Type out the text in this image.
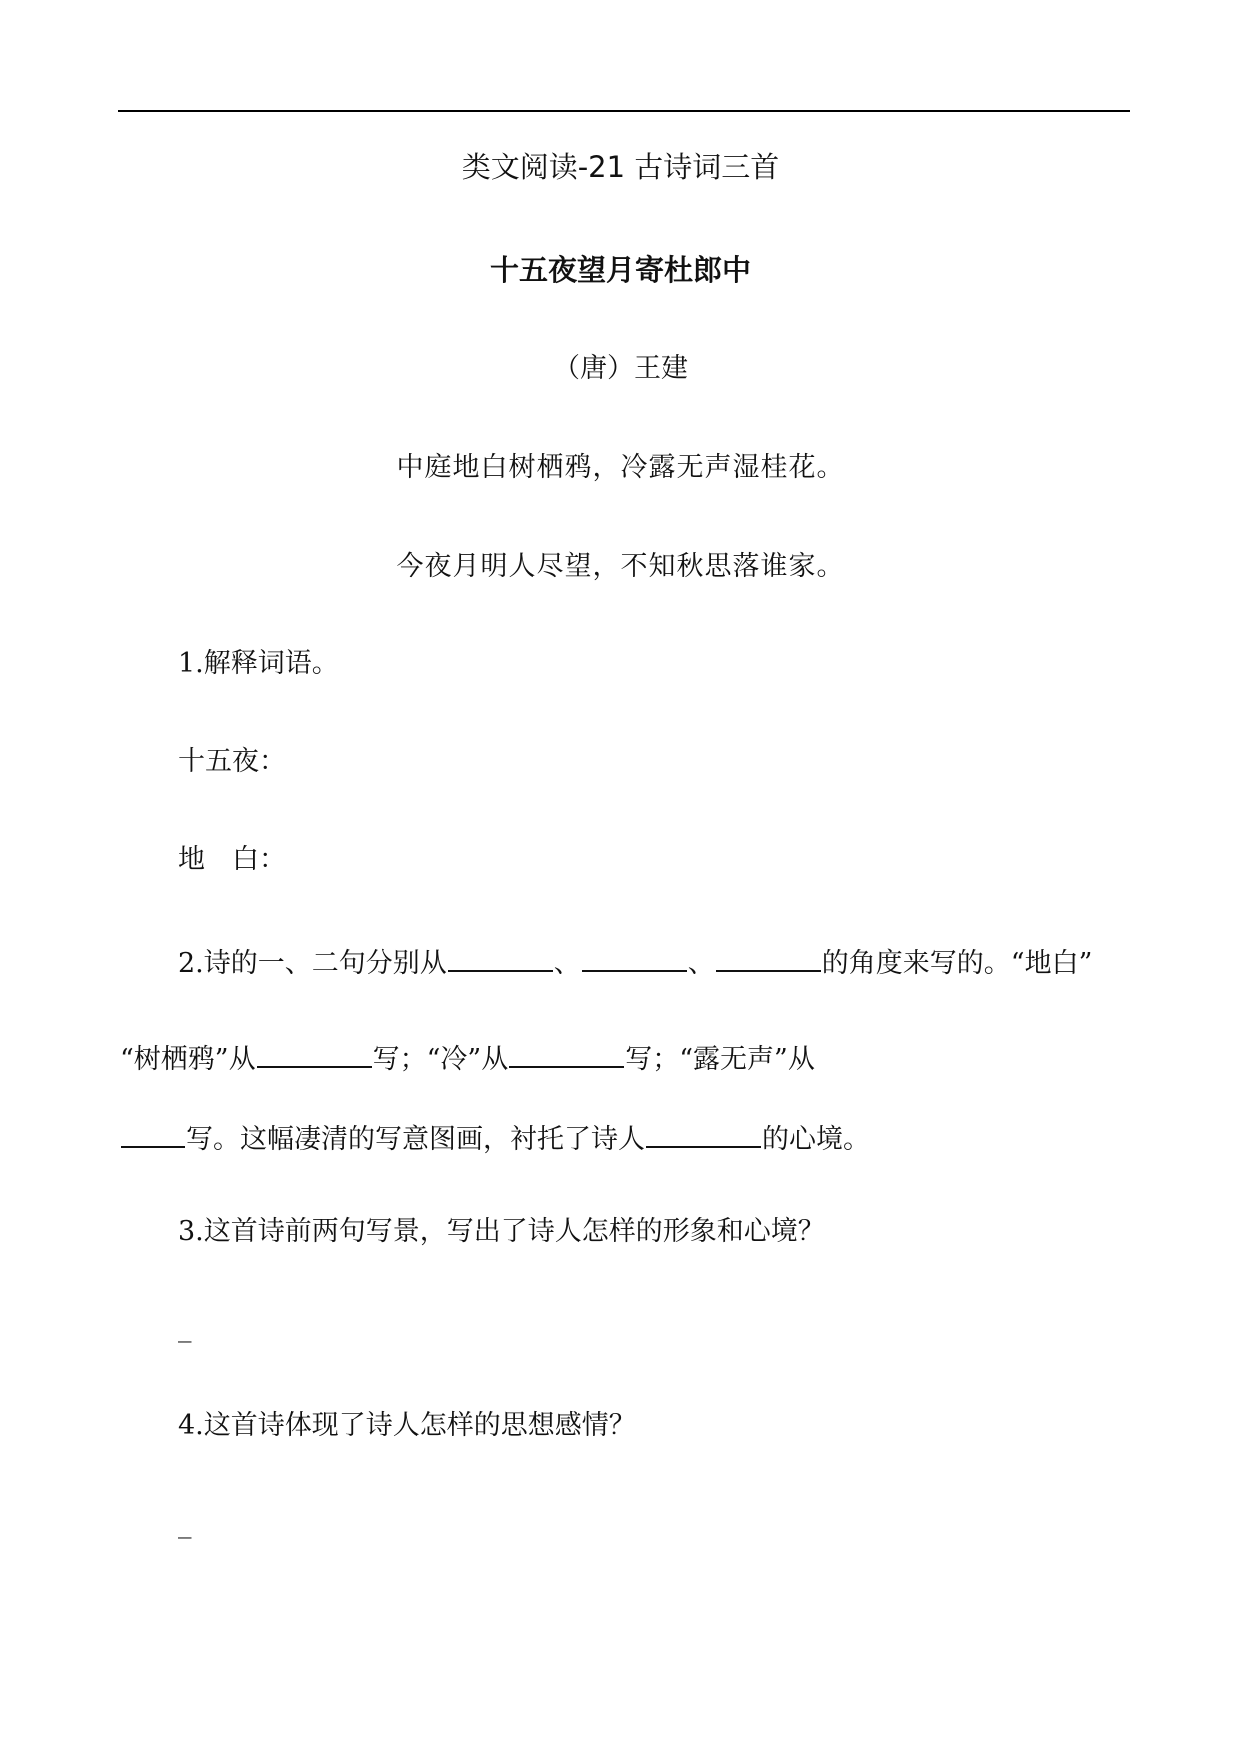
类文阅读-21 古诗词三首
十五夜望月寄杜郎中
（唐）王建
中庭地白树栖鸦，冷露无声湿桂花。
今夜月明人尽望，不知秋思落谁家。
1.解释词语。
十五夜：
地　白：
2.诗的一、二句分别从	、	、	的角度来写的。“地白”
“树栖鸦”从	写；“冷”从	写；“露无声”从
写。这幅凄清的写意图画，衬托了诗人	的心境。
3.这首诗前两句写景，写出了诗人怎样的形象和心境？
_
4.这首诗体现了诗人怎样的思想感情？
_
